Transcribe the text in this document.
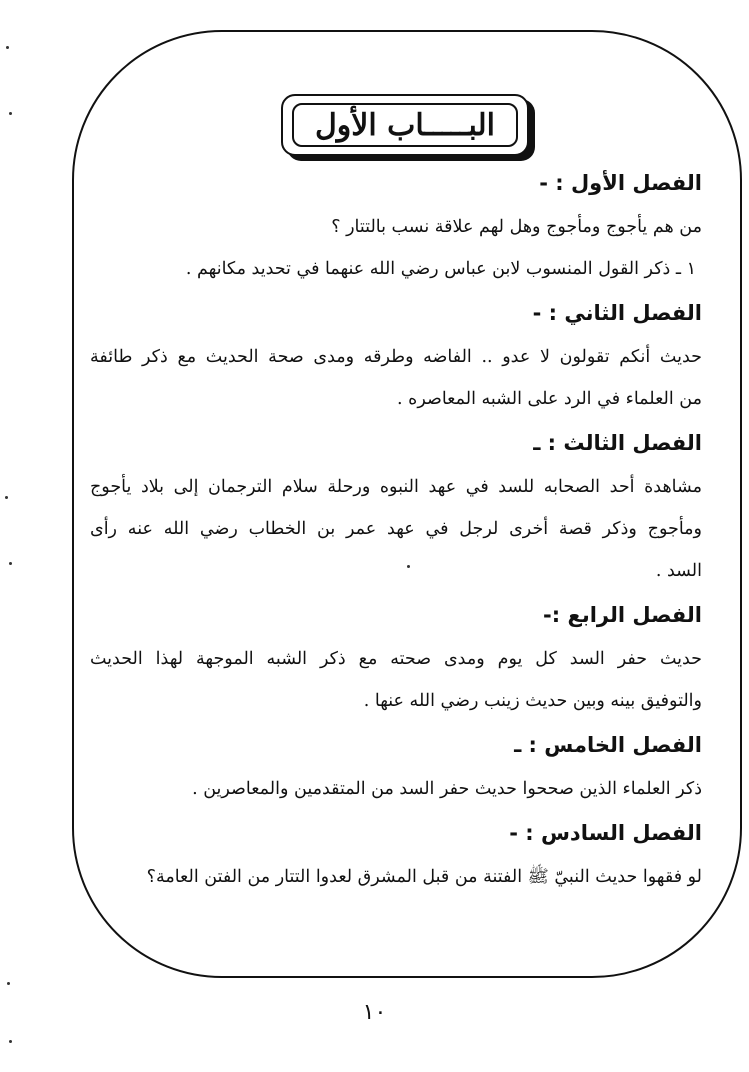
البـــــاب الأول
الفصل الأول : -

من هم يأجوج ومأجوج وهل لهم علاقة نسب بالتتار ؟

١ ـ ذكر القول المنسوب لابن عباس رضي الله عنهما في تحديد مكانهم .

الفصل الثاني : -

حديث أنكم تقولون لا عدو .. الفاضه وطرقه ومدى صحة الحديث مع ذكر طائفة

من العلماء في الرد على الشبه المعاصره .

الفصل الثالث : ـ

مشاهدة أحد الصحابه للسد في عهد النبوه ورحلة سلام الترجمان إلى بلاد يأجوج

ومأجوج وذكر قصة أخرى لرجل في عهد عمر بن الخطاب رضي الله عنه رأى

السد .

الفصل الرابع :-

حديث حفر السد كل يوم ومدى صحته مع ذكر الشبه الموجهة لهذا الحديث

والتوفيق بينه وبين حديث زينب رضي الله عنها .

الفصل الخامس : ـ

ذكر العلماء الذين صححوا حديث حفر السد من المتقدمين والمعاصرين .

الفصل السادس : -

لو فقهوا حديث النبيّ ﷺ الفتنة من قبل المشرق لعدوا التتار من الفتن العامة؟

١٠
